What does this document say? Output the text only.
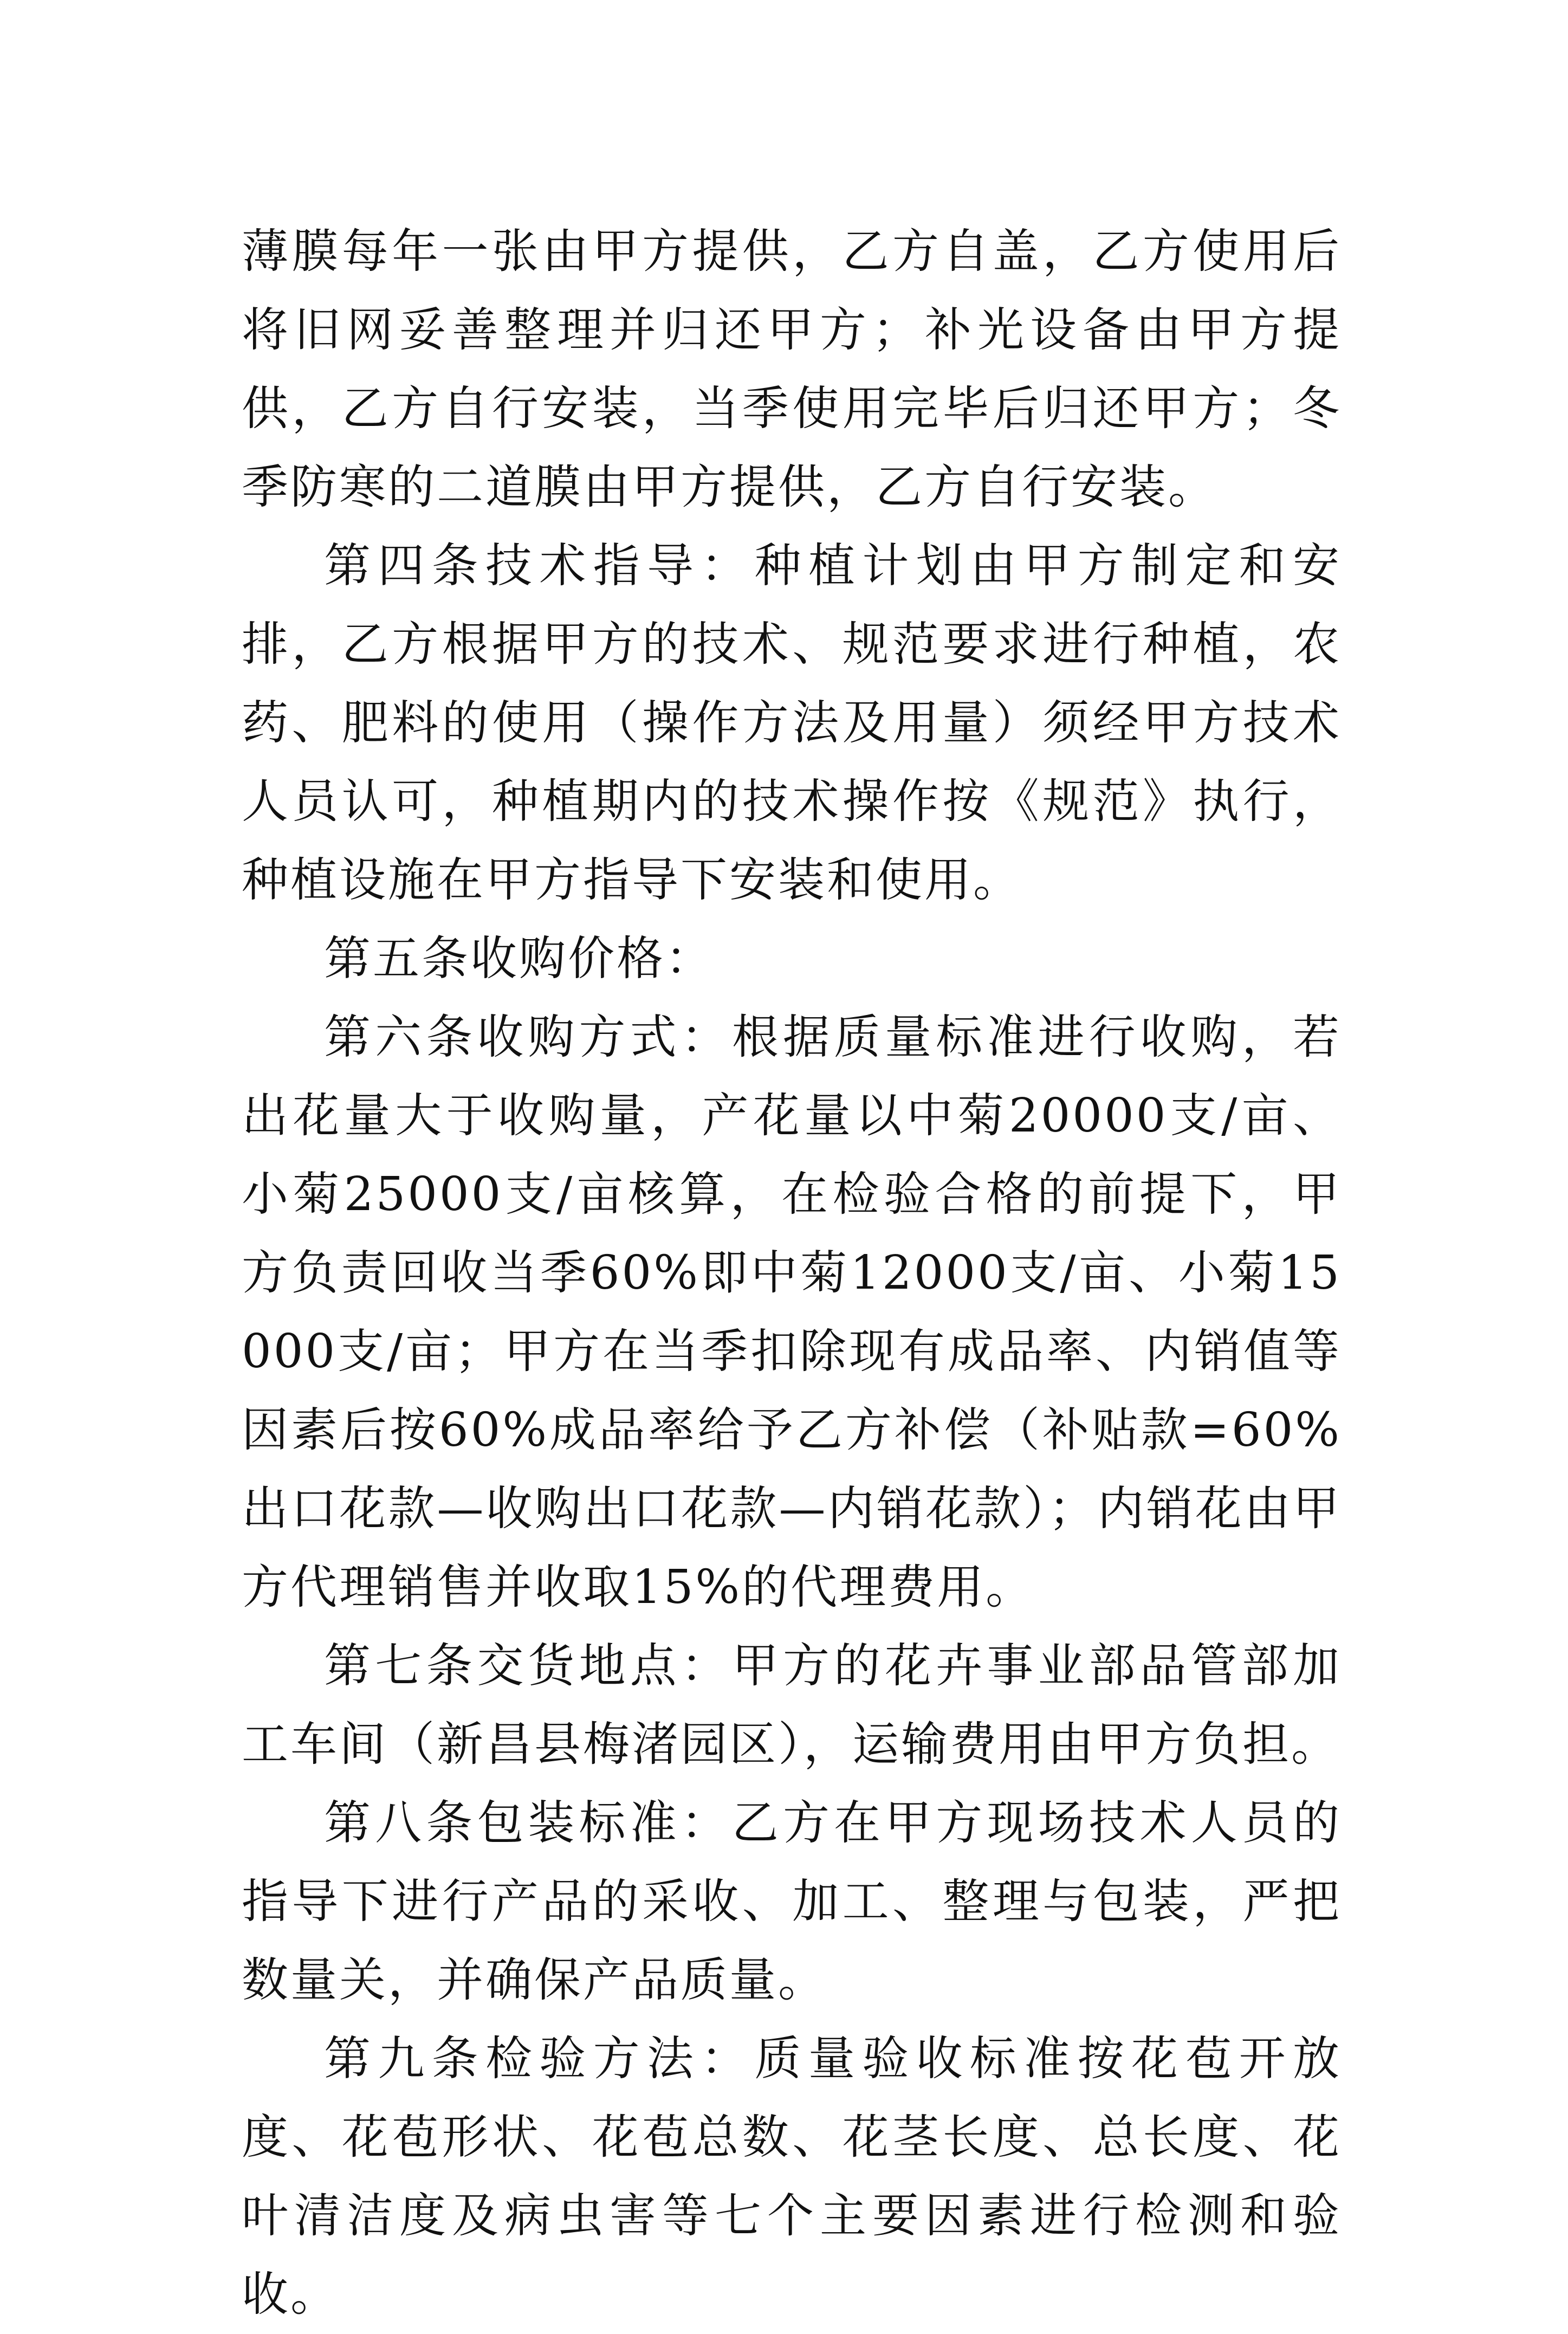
薄膜每年一张由甲方提供，乙方自盖，乙方使用后将旧网妥善整理并归还甲方；补光设备由甲方提供，乙方自行安装，当季使用完毕后归还甲方；冬季防寒的二道膜由甲方提供，乙方自行安装。

第四条技术指导：种植计划由甲方制定和安排，乙方根据甲方的技术、规范要求进行种植，农药、肥料的使用（操作方法及用量）须经甲方技术人员认可，种植期内的技术操作按《规范》执行，种植设施在甲方指导下安装和使用。

第五条收购价格：

第六条收购方式：根据质量标准进行收购，若出花量大于收购量，产花量以中菊20000支/亩、小菊25000支/亩核算，在检验合格的前提下，甲方负责回收当季60%即中菊12000支/亩、小菊15000支/亩；甲方在当季扣除现有成品率、内销值等因素后按60%成品率给予乙方补偿（补贴款=60%出口花款—收购出口花款—内销花款）；内销花由甲方代理销售并收取15%的代理费用。

第七条交货地点：甲方的花卉事业部品管部加工车间（新昌县梅渚园区），运输费用由甲方负担。

第八条包装标准：乙方在甲方现场技术人员的指导下进行产品的采收、加工、整理与包装，严把数量关，并确保产品质量。

第九条检验方法：质量验收标准按花苞开放度、花苞形状、花苞总数、花茎长度、总长度、花叶清洁度及病虫害等七个主要因素进行检测和验收。
